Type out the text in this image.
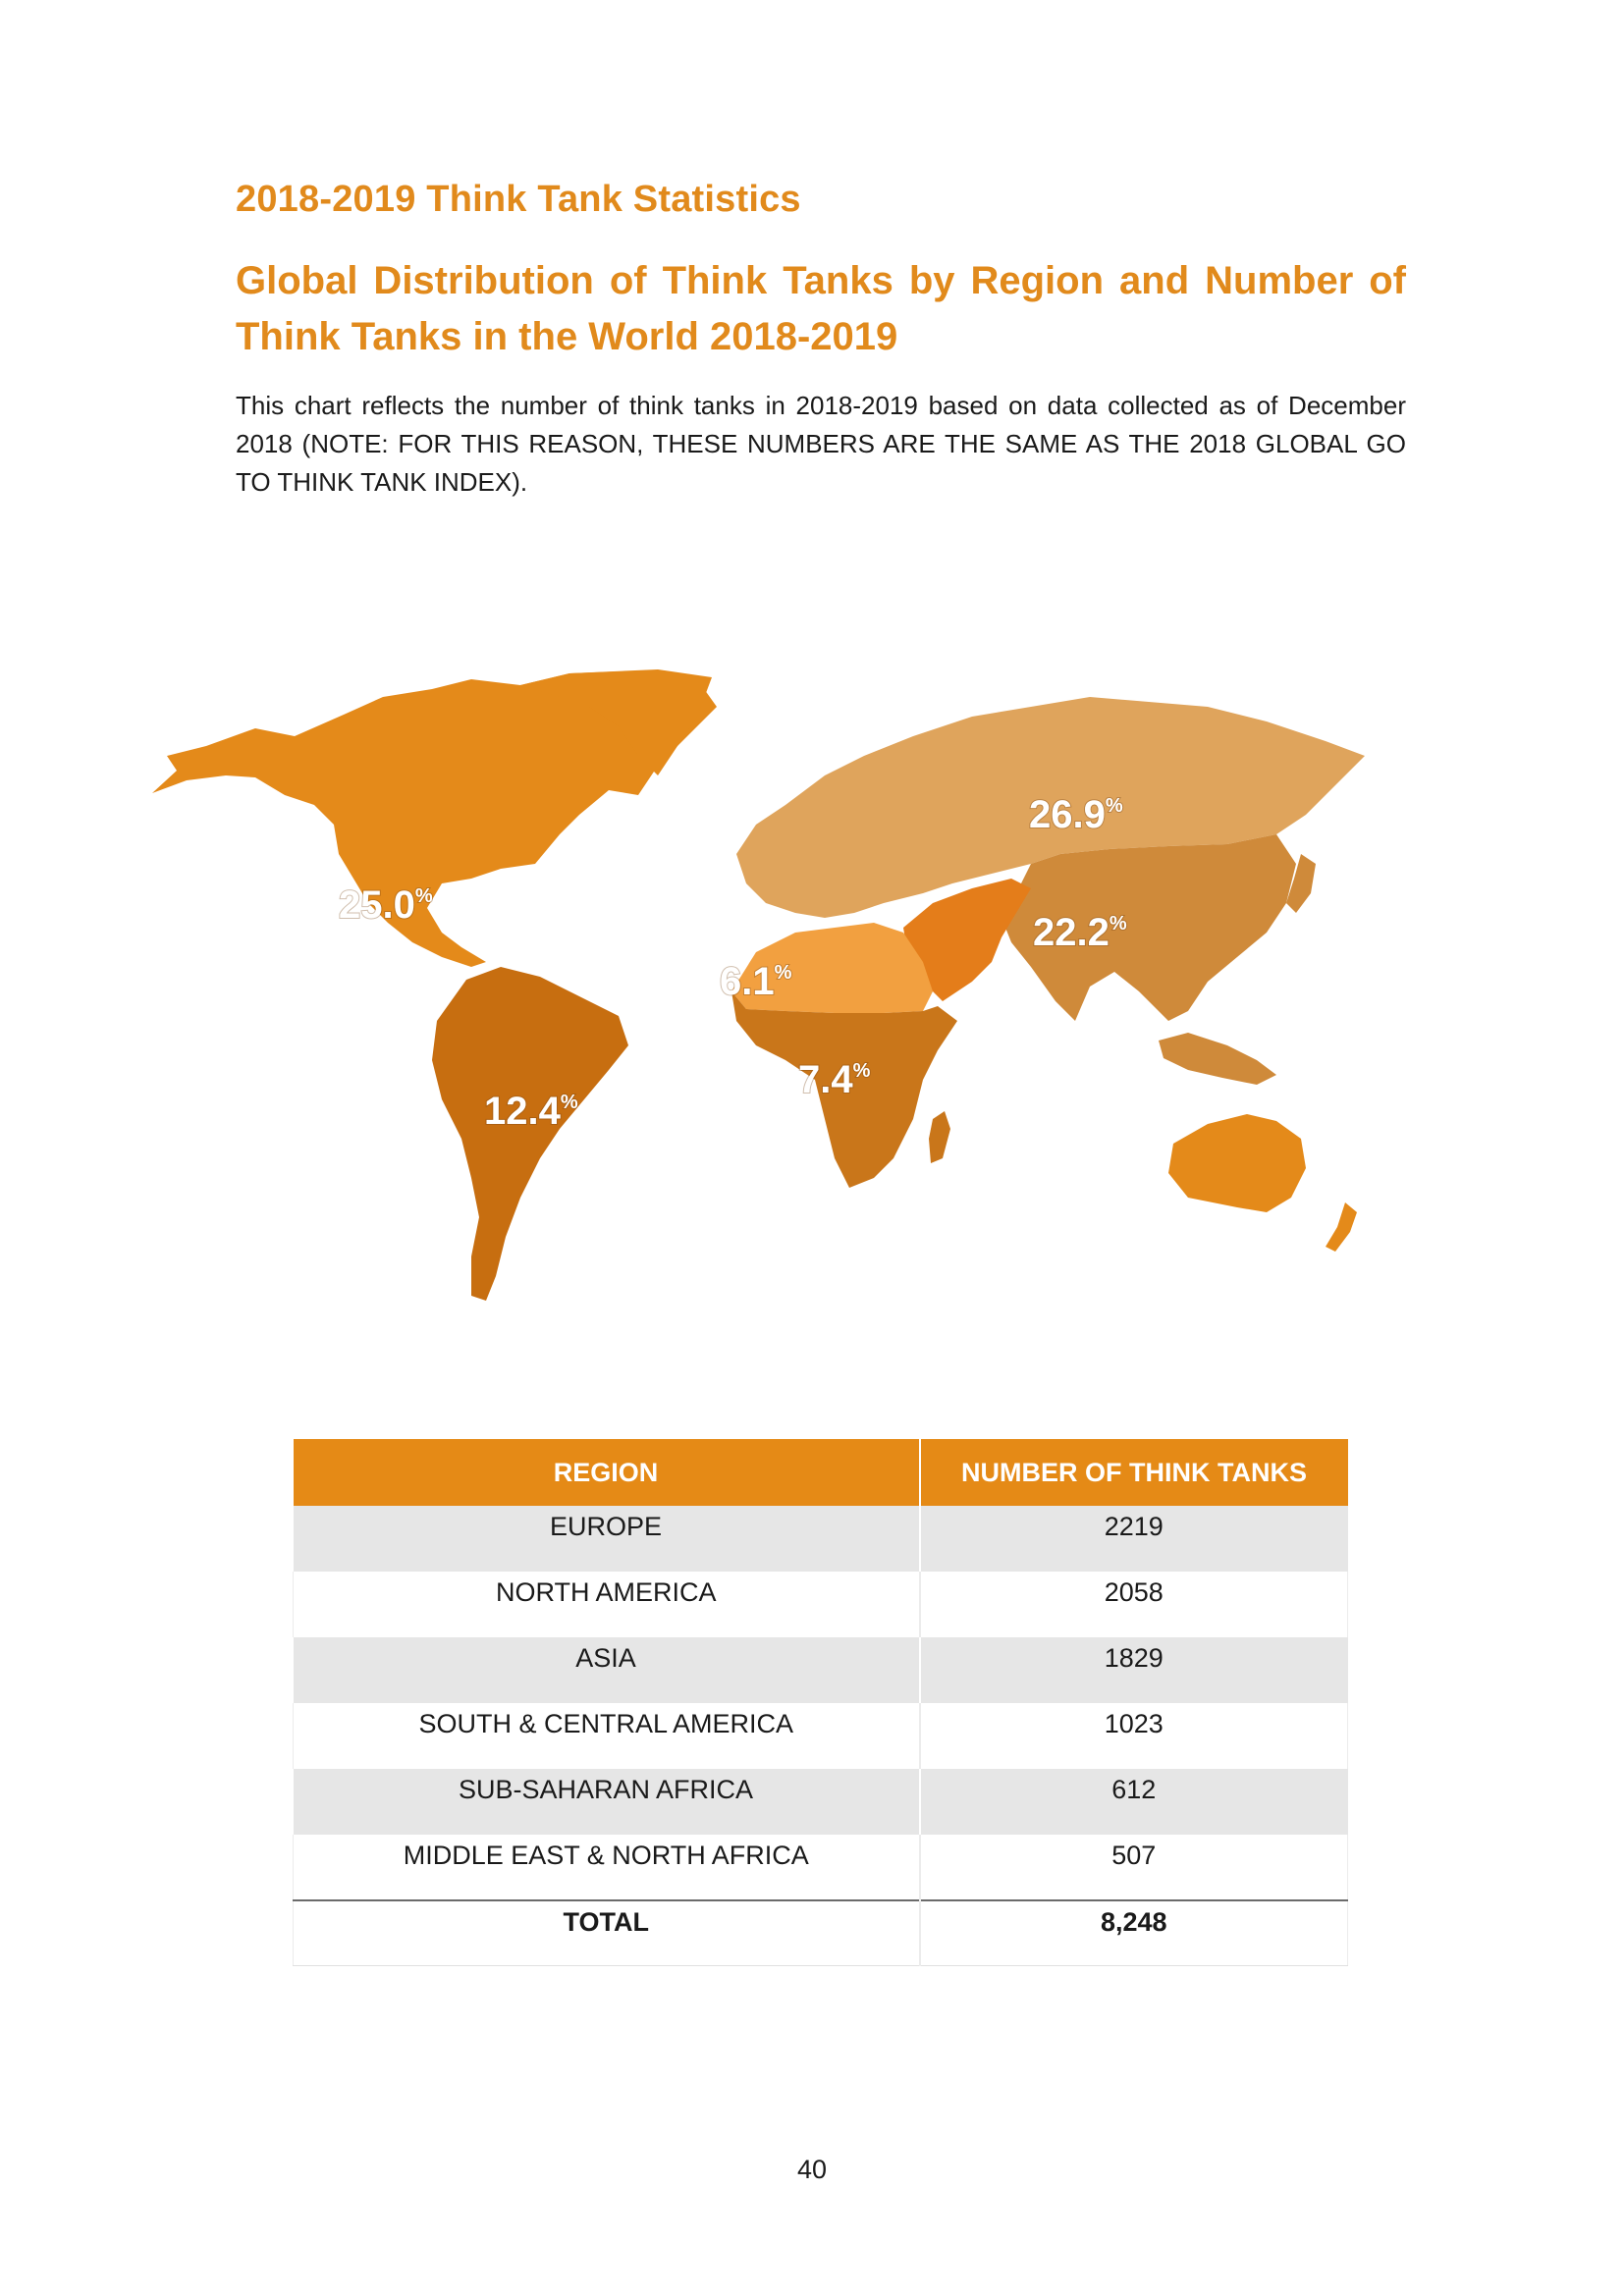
2018-2019 Think Tank Statistics
Global Distribution of Think Tanks by Region and Number of Think Tanks in the World 2018-2019

This chart reflects the number of think tanks in 2018-2019 based on data collected as of December 2018 (NOTE: FOR THIS REASON, THESE NUMBERS ARE THE SAME AS THE 2018 GLOBAL GO TO THINK TANK INDEX).

25.0%
12.4%
26.9%
22.2%
6.1%
7.4%
REGION	NUMBER OF THINK TANKS
EUROPE	2219
NORTH AMERICA	2058
ASIA	1829
SOUTH & CENTRAL AMERICA	1023
SUB-SAHARAN AFRICA	612
MIDDLE EAST & NORTH AFRICA	507
TOTAL	8,248

40
